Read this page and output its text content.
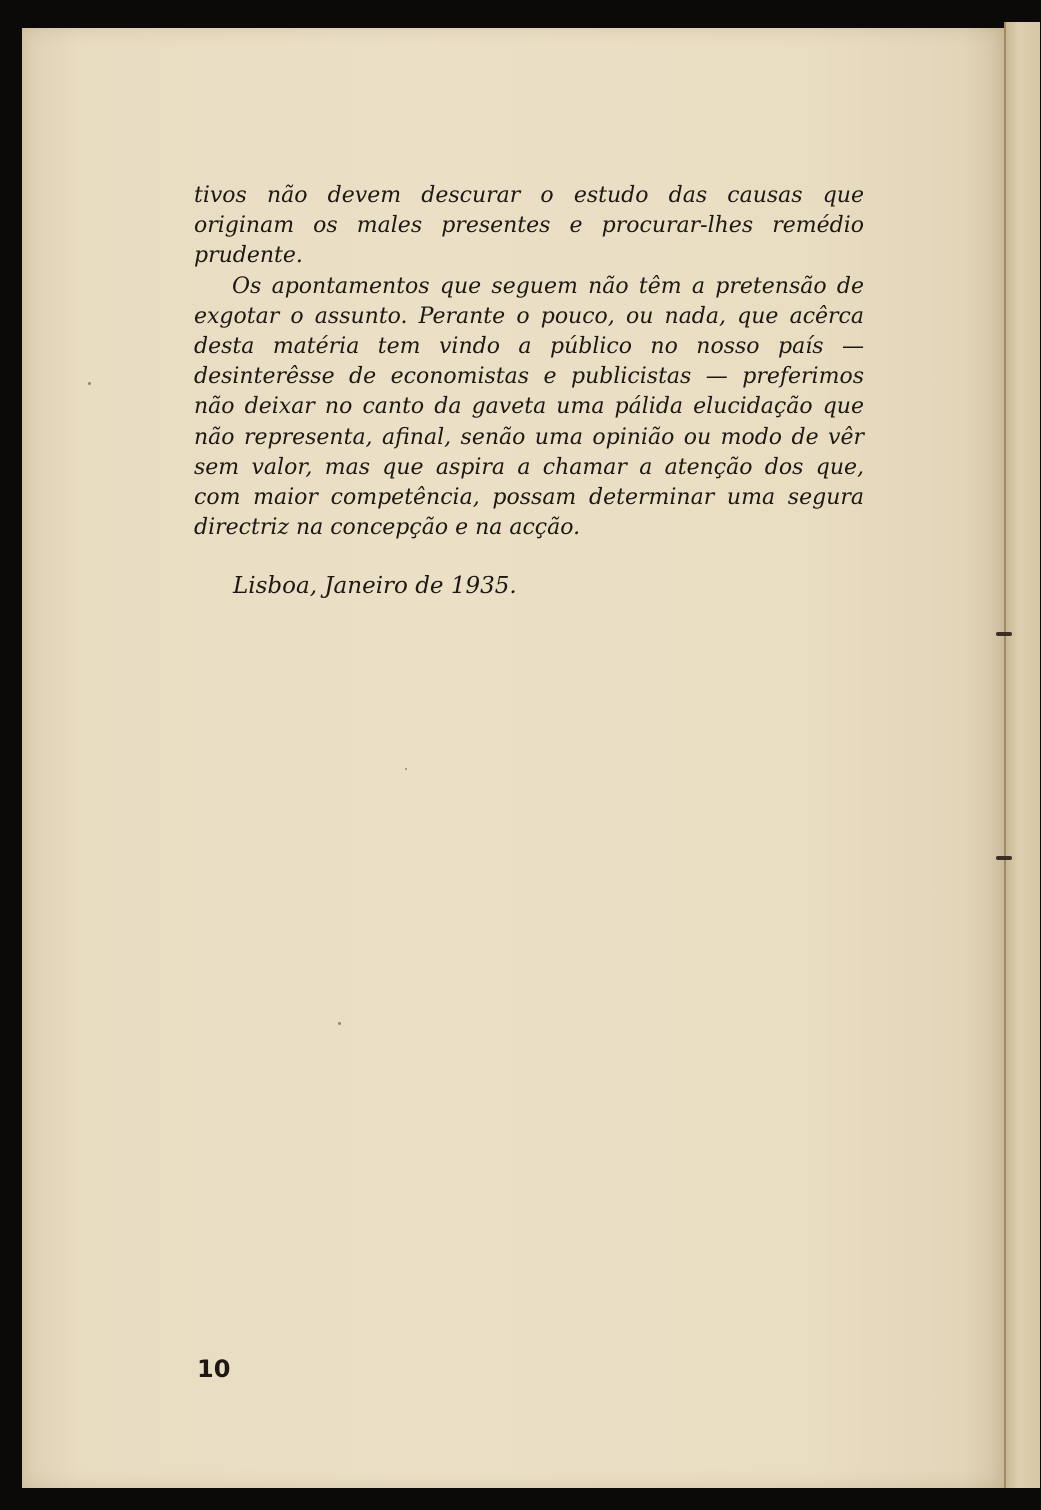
tivos não devem descurar o estudo das causas que originam os males presentes e procurar-lhes remédio prudente.
Os apontamentos que seguem não têm a pretensão de exgotar o assunto. Perante o pouco, ou nada, que acêrca desta matéria tem vindo a público no nosso país — desinterêsse de economistas e publicistas — preferimos não deixar no canto da gaveta uma pálida elucidação que não representa, afinal, senão uma opinião ou modo de vêr sem valor, mas que aspira a chamar a atenção dos que, com maior competência, possam determinar uma segura directriz na concepção e na acção.

Lisboa, Janeiro de 1935.

10
